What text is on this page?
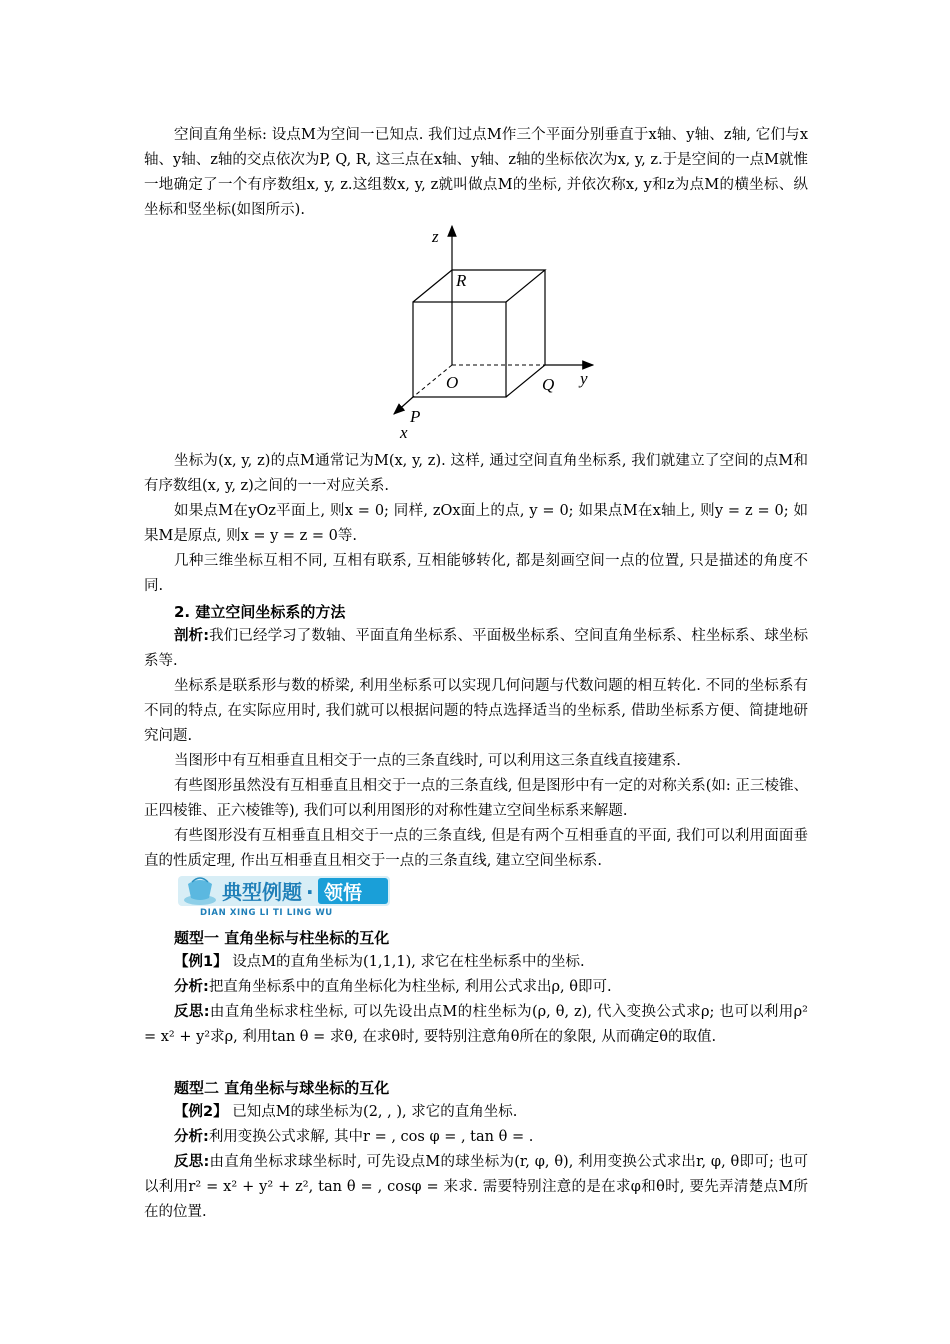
空间直角坐标: 设点M为空间一已知点. 我们过点M作三个平面分别垂直于x轴、y轴、z轴, 它们与x轴、y轴、z轴的交点依次为P, Q, R, 这三点在x轴、y轴、z轴的坐标依次为x, y, z.于是空间的一点M就惟一地确定了一个有序数组x, y, z.这组数x, y, z就叫做点M的坐标, 并依次称x, y和z为点M的横坐标、纵坐标和竖坐标(如图所示).

z
R
O	Q y
P
x

坐标为(x, y, z)的点M通常记为M(x, y, z). 这样, 通过空间直角坐标系, 我们就建立了空间的点M和有序数组(x, y, z)之间的一一对应关系.

如果点M在yOz平面上, 则x = 0; 同样, zOx面上的点, y = 0; 如果点M在x轴上, 则y = z = 0; 如果M是原点, 则x = y = z = 0等.

几种三维坐标互相不同, 互相有联系, 互相能够转化, 都是刻画空间一点的位置, 只是描述的角度不同.

2. 建立空间坐标系的方法

剖析:我们已经学习了数轴、平面直角坐标系、平面极坐标系、空间直角坐标系、柱坐标系、球坐标系等.

坐标系是联系形与数的桥梁, 利用坐标系可以实现几何问题与代数问题的相互转化. 不同的坐标系有不同的特点, 在实际应用时, 我们就可以根据问题的特点选择适当的坐标系, 借助坐标系方便、简捷地研究问题.

当图形中有互相垂直且相交于一点的三条直线时, 可以利用这三条直线直接建系.

有些图形虽然没有互相垂直且相交于一点的三条直线, 但是图形中有一定的对称关系(如: 正三棱锥、正四棱锥、正六棱锥等), 我们可以利用图形的对称性建立空间坐标系来解题.

有些图形没有互相垂直且相交于一点的三条直线, 但是有两个互相垂直的平面, 我们可以利用面面垂直的性质定理, 作出互相垂直且相交于一点的三条直线, 建立空间坐标系.

典型例题 · 领悟
DIAN XING LI TI LING WU

题型一 直角坐标与柱坐标的互化

【例1】 设点M的直角坐标为(1,1,1), 求它在柱坐标系中的坐标.

分析:把直角坐标系中的直角坐标化为柱坐标, 利用公式求出ρ, θ即可.

反思:由直角坐标求柱坐标, 可以先设出点M的柱坐标为(ρ, θ, z), 代入变换公式求ρ; 也可以利用ρ² = x² + y²求ρ, 利用tan θ = 求θ, 在求θ时, 要特别注意角θ所在的象限, 从而确定θ的取值.

题型二 直角坐标与球坐标的互化

【例2】 已知点M的球坐标为(2, , ), 求它的直角坐标.

分析:利用变换公式求解, 其中r = , cos φ = , tan θ = .

反思:由直角坐标求球坐标时, 可先设点M的球坐标为(r, φ, θ), 利用变换公式求出r, φ, θ即可; 也可以利用r² = x² + y² + z², tan θ = , cosφ = 来求. 需要特别注意的是在求φ和θ时, 要先弄清楚点M所在的位置.
